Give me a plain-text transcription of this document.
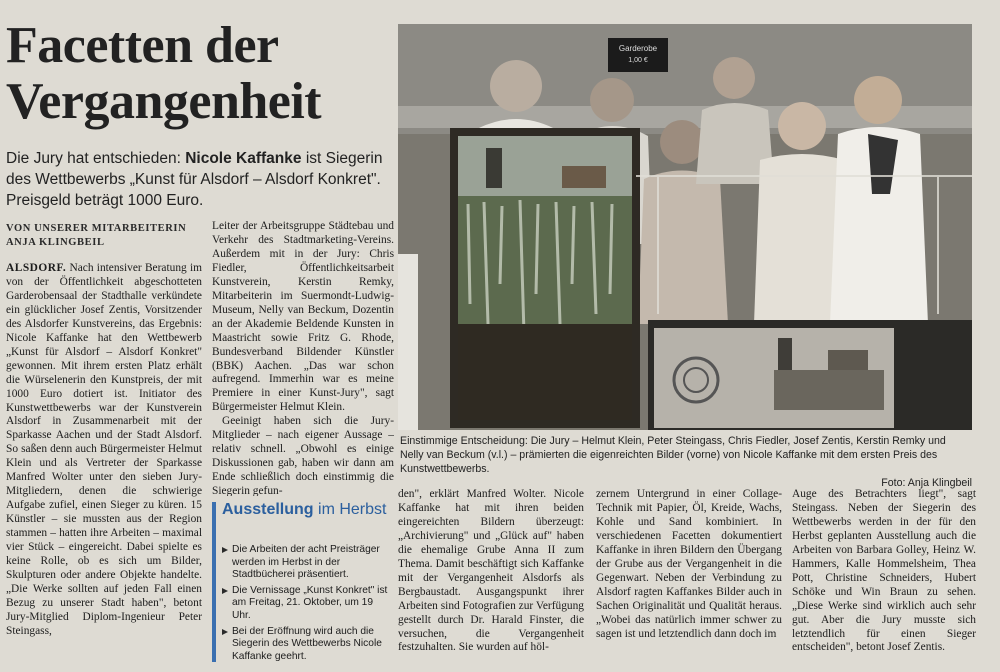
Facetten der
Vergangenheit
Die Jury hat entschieden: Nicole Kaffanke ist Siegerin des Wettbewerbs „Kunst für Alsdorf – Alsdorf Konkret". Preisgeld beträgt 1000 Euro.
VON UNSERER MITARBEITERIN
ANJA KLINGBEIL

ALSDORF. Nach intensiver Beratung im von der Öffentlichkeit abgeschotteten Garderobensaal der Stadthalle verkündete ein glücklicher Josef Zentis, Vorsitzender des Alsdorfer Kunstvereins, das Ergebnis: Nicole Kaffanke hat den Wettbewerb „Kunst für Alsdorf – Alsdorf Konkret" gewonnen. Mit ihrem ersten Platz erhält die Würselenerin den Kunstpreis, der mit 1000 Euro dotiert ist. Initiator des Kunstwettbewerbs war der Kunstverein Alsdorf in Zusammenarbeit mit der Sparkasse Aachen und der Stadt Alsdorf. So saßen denn auch Bürgermeister Helmut Klein und als Vertreter der Sparkasse Manfred Wolter unter den sieben Jury-Mitgliedern, denen die schwierige Aufgabe zufiel, einen Sieger zu küren. 15 Künstler – sie mussten aus der Region stammen – hatten ihre Arbeiten – maximal vier Stück – eingereicht. Dabei spielte es keine Rolle, ob es sich um Bilder, Skulpturen oder andere Objekte handelte. „Die Werke sollten auf jeden Fall einen Bezug zu unserer Stadt haben", betont Jury-Mitglied Diplom-Ingenieur Peter Steingass,

Leiter der Arbeitsgruppe Städtebau und Verkehr des Stadtmarketing-Vereins. Außerdem mit in der Jury: Chris Fiedler, Öffentlichkeitsarbeit Kunstverein, Kerstin Remky, Mitarbeiterin im Suermondt-Ludwig-Museum, Nelly van Beckum, Dozentin an der Akademie Beldende Kunsten in Maastricht sowie Fritz G. Rhode, Bundesverband Bildender Künstler (BBK) Aachen. „Das war schon aufregend. Immerhin war es meine Premiere in einer Kunst-Jury", sagt Bürgermeister Helmut Klein.

Geeinigt haben sich die Jury-Mitglieder – nach eigener Aussage – relativ schnell. „Obwohl es einige Diskussionen gab, haben wir dann am Ende schließlich doch einstimmig die Siegerin gefun-

Ausstellung im Herbst
Die Arbeiten der acht Preisträger werden im Herbst in der Stadtbücherei präsentiert.
Die Vernissage „Kunst Konkret" ist am Freitag, 21. Oktober, um 19 Uhr.
Bei der Eröffnung wird auch die Siegerin des Wettbewerbs Nicole Kaffanke geehrt.
Garderobe
1,00 €
Einstimmige Entscheidung: Die Jury – Helmut Klein, Peter Steingass, Chris Fiedler, Josef Zentis, Kerstin Remky und Nelly van Beckum (v.l.) – prämierten die eigenreichten Bilder (vorne) von Nicole Kaffanke mit dem ersten Preis des Kunstwettbewerbs.
Foto: Anja Klingbeil

den", erklärt Manfred Wolter. Nicole Kaffanke hat mit ihren beiden eingereichten Bildern überzeugt: „Archivierung" und „Glück auf" haben die ehemalige Grube Anna II zum Thema. Damit beschäftigt sich Kaffanke mit der Vergangenheit Alsdorfs als Bergbaustadt. Ausgangspunkt ihrer Arbeiten sind Fotografien zur Verfügung gestellt durch Dr. Harald Finster, die versuchen, die Vergangenheit festzuhalten. Sie wurden auf höl-

zernem Untergrund in einer Collage-Technik mit Papier, Öl, Kreide, Wachs, Kohle und Sand kombiniert. In verschiedenen Facetten dokumentiert Kaffanke in ihren Bildern den Übergang der Grube aus der Vergangenheit in die Gegenwart. Neben der Verbindung zu Alsdorf ragten Kaffankes Bilder auch in Sachen Originalität und Qualität heraus. „Wobei das natürlich immer schwer zu sagen ist und letztendlich dann doch im

Auge des Betrachters liegt", sagt Steingass. Neben der Siegerin des Wettbewerbs werden in der für den Herbst geplanten Ausstellung auch die Arbeiten von Barbara Golley, Heinz W. Hammers, Kalle Hommelsheim, Thea Pott, Christine Schneiders, Hubert Schöke und Win Braun zu sehen. „Diese Werke sind wirklich auch sehr gut. Aber die Jury musste sich letztendlich für einen Sieger entscheiden", betont Josef Zentis.
